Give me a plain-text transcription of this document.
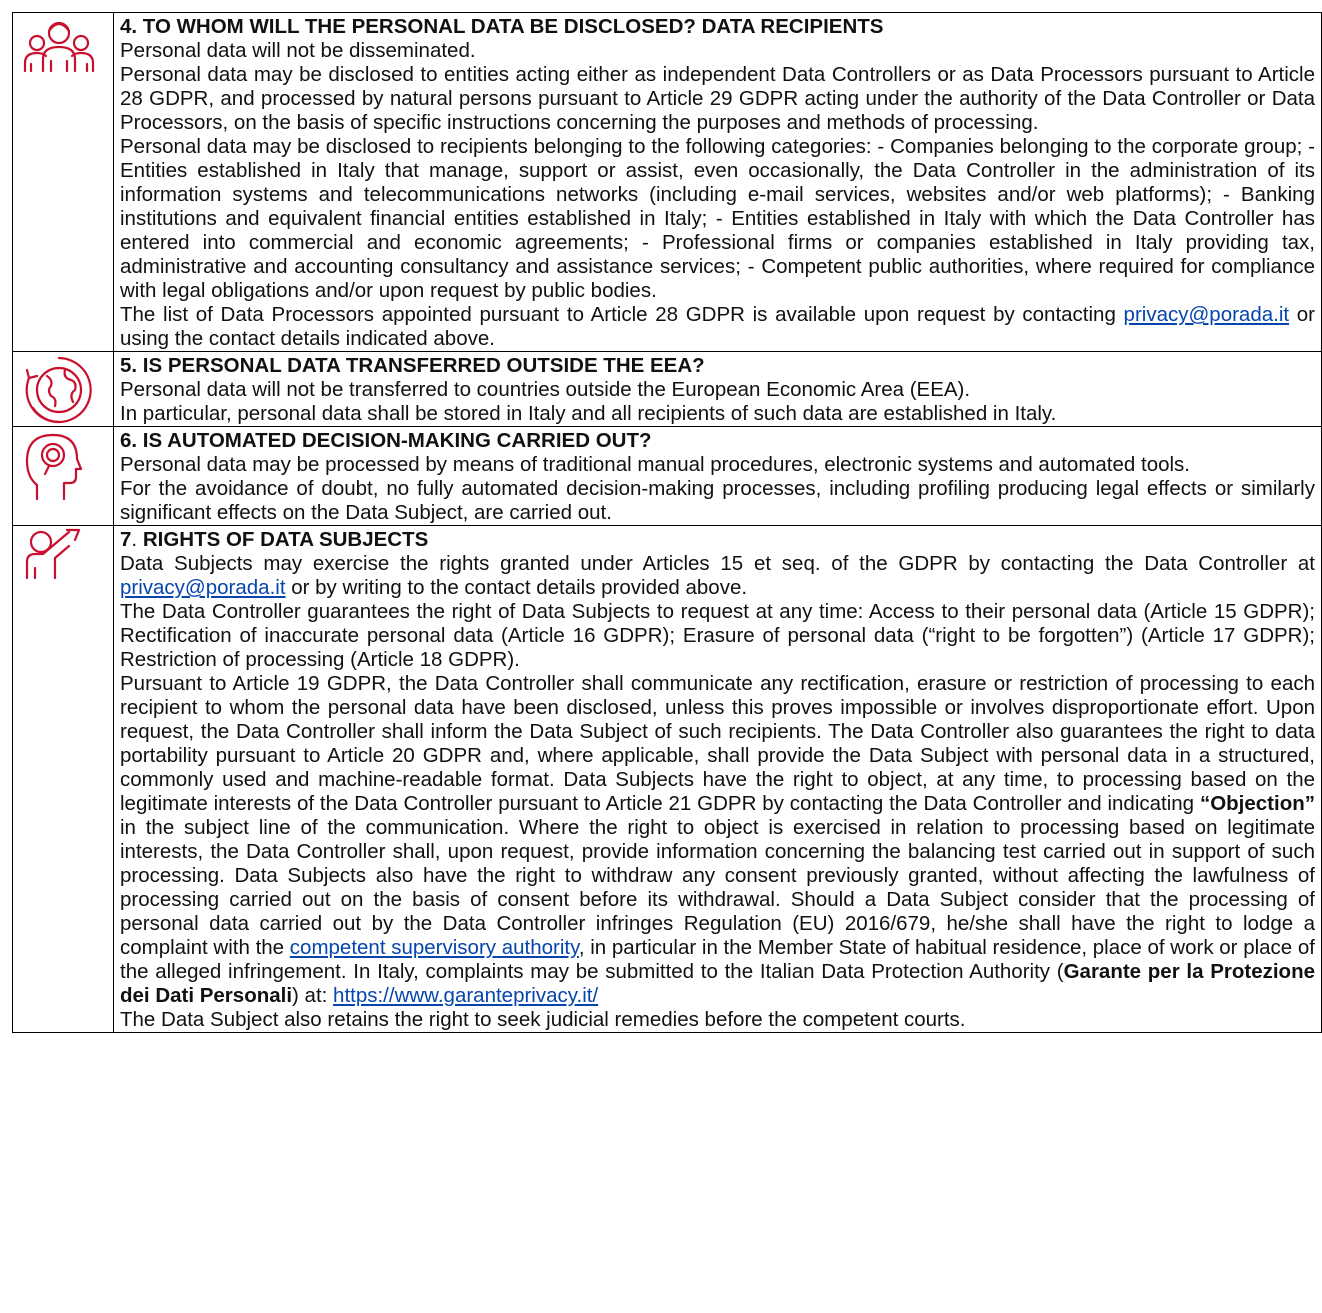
4. TO WHOM WILL THE PERSONAL DATA BE DISCLOSED? DATA RECIPIENTS

Personal data will not be disseminated.

Personal data may be disclosed to entities acting either as independent Data Controllers or as Data Processors pursuant to Article 28 GDPR, and processed by natural persons pursuant to Article 29 GDPR acting under the authority of the Data Controller or Data Processors, on the basis of specific instructions concerning the purposes and methods of processing.

Personal data may be disclosed to recipients belonging to the following categories: - Companies belonging to the corporate group; - Entities established in Italy that manage, support or assist, even occasionally, the Data Controller in the administration of its information systems and telecommunications networks (including e-mail services, websites and/or web platforms); - Banking institutions and equivalent financial entities established in Italy; - Entities established in Italy with which the Data Controller has entered into commercial and economic agreements; - Professional firms or companies established in Italy providing tax, administrative and accounting consultancy and assistance services; - Competent public authorities, where required for compliance with legal obligations and/or upon request by public bodies.

The list of Data Processors appointed pursuant to Article 28 GDPR is available upon request by contacting privacy@porada.it or using the contact details indicated above.

5. IS PERSONAL DATA TRANSFERRED OUTSIDE THE EEA?

Personal data will not be transferred to countries outside the European Economic Area (EEA).

In particular, personal data shall be stored in Italy and all recipients of such data are established in Italy.

6. IS AUTOMATED DECISION-MAKING CARRIED OUT?

Personal data may be processed by means of traditional manual procedures, electronic systems and automated tools.

For the avoidance of doubt, no fully automated decision-making processes, including profiling producing legal effects or similarly significant effects on the Data Subject, are carried out.

7. RIGHTS OF DATA SUBJECTS

Data Subjects may exercise the rights granted under Articles 15 et seq. of the GDPR by contacting the Data Controller at privacy@porada.it or by writing to the contact details provided above.

The Data Controller guarantees the right of Data Subjects to request at any time: Access to their personal data (Article 15 GDPR); Rectification of inaccurate personal data (Article 16 GDPR); Erasure of personal data (“right to be forgotten”) (Article 17 GDPR); Restriction of processing (Article 18 GDPR).

Pursuant to Article 19 GDPR, the Data Controller shall communicate any rectification, erasure or restriction of processing to each recipient to whom the personal data have been disclosed, unless this proves impossible or involves disproportionate effort. Upon request, the Data Controller shall inform the Data Subject of such recipients. The Data Controller also guarantees the right to data portability pursuant to Article 20 GDPR and, where applicable, shall provide the Data Subject with personal data in a structured, commonly used and machine-readable format. Data Subjects have the right to object, at any time, to processing based on the legitimate interests of the Data Controller pursuant to Article 21 GDPR by contacting the Data Controller and indicating “Objection” in the subject line of the communication. Where the right to object is exercised in relation to processing based on legitimate interests, the Data Controller shall, upon request, provide information concerning the balancing test carried out in support of such processing. Data Subjects also have the right to withdraw any consent previously granted, without affecting the lawfulness of processing carried out on the basis of consent before its withdrawal. Should a Data Subject consider that the processing of personal data carried out by the Data Controller infringes Regulation (EU) 2016/679, he/she shall have the right to lodge a complaint with the competent supervisory authority, in particular in the Member State of habitual residence, place of work or place of the alleged infringement. In Italy, complaints may be submitted to the Italian Data Protection Authority (Garante per la Protezione dei Dati Personali) at: https://www.garanteprivacy.it/

The Data Subject also retains the right to seek judicial remedies before the competent courts.
